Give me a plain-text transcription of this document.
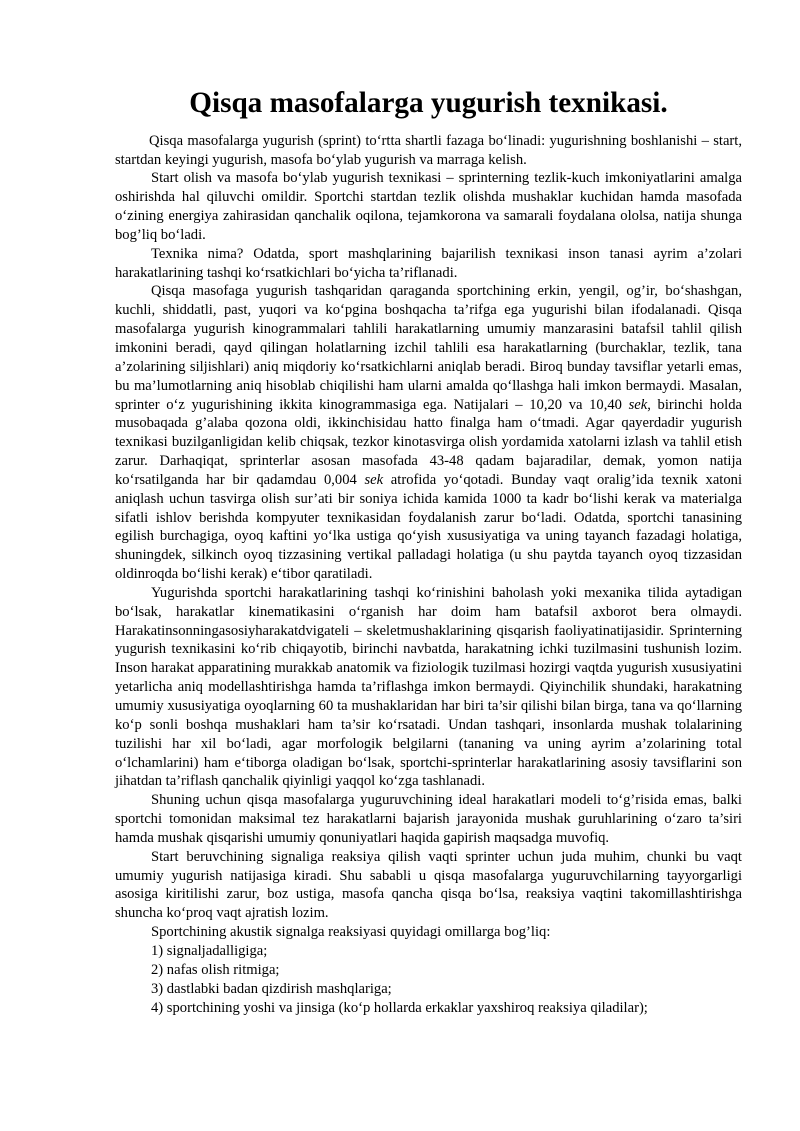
Qisqa masofalarga yugurish texnikasi.

Qisqa masofalarga yugurish (sprint) to‘rtta shartli fazaga bo‘linadi: yugurishning boshlanishi – start, startdan keyingi yugurish, masofa bo‘ylab yugurish va marraga kelish.

Start olish va masofa bo‘ylab yugurish texnikasi – sprinterning tezlik-kuch imkoniyatlarini amalga oshirishda hal qiluvchi omildir. Sportchi startdan tezlik olishda mushaklar kuchidan hamda masofada o‘zining energiya zahirasidan qanchalik oqilona, tejamkorona va samarali foydalana ololsa, natija shunga bog’liq bo‘ladi.

Texnika nima? Odatda, sport mashqlarining bajarilish texnikasi inson tanasi ayrim a’zolari harakatlarining tashqi ko‘rsatkichlari bo‘yicha ta’riflanadi.

Qisqa masofaga yugurish tashqaridan qaraganda sportchining erkin, yengil, og’ir, bo‘shashgan, kuchli, shiddatli, past, yuqori va ko‘pgina boshqacha ta’rifga ega yugurishi bilan ifodalanadi. Qisqa masofalarga yugurish kinogrammalari tahlili harakatlarning umumiy manzarasini batafsil tahlil qilish imkonini beradi, qayd qilingan holatlarning izchil tahlili esa harakatlarning (burchaklar, tezlik, tana a’zolarining siljishlari) aniq miqdoriy ko‘rsatkichlarni aniqlab beradi. Biroq bunday tavsiflar yetarli emas, bu ma’lumotlarning aniq hisoblab chiqilishi ham ularni amalda qo‘llashga hali imkon bermaydi. Masalan, sprinter o‘z yugurishining ikkita kinogrammasiga ega. Natijalari – 10,20 va 10,40 sek, birinchi holda musobaqada g’alaba qozona oldi, ikkinchisidau hatto finalga ham o‘tmadi. Agar qayerdadir yugurish texnikasi buzilganligidan kelib chiqsak, tezkor kinotasvirga olish yordamida xatolarni izlash va tahlil etish zarur. Darhaqiqat, sprinterlar asosan masofada 43-48 qadam bajaradilar, demak, yomon natija ko‘rsatilganda har bir qadamdau 0,004 sek atrofida yo‘qotadi. Bunday vaqt oralig’ida texnik xatoni aniqlash uchun tasvirga olish sur’ati bir soniya ichida kamida 1000 ta kadr bo‘lishi kerak va materialga sifatli ishlov berishda kompyuter texnikasidan foydalanish zarur bo‘ladi. Odatda, sportchi tanasining egilish burchagiga, oyoq kaftini yo‘lka ustiga qo‘yish xususiyatiga va uning tayanch fazadagi holatiga, shuningdek, silkinch oyoq tizzasining vertikal palladagi holatiga (u shu paytda tayanch oyoq tizzasidan oldinroqda bo‘lishi kerak) e‘tibor qaratiladi.

Yugurishda sportchi harakatlarining tashqi ko‘rinishini baholash yoki mexanika tilida aytadigan bo‘lsak, harakatlar kinematikasini o‘rganish har doim ham batafsil axborot bera olmaydi. Harakatinsonningasosiyharakatdvigateli – skeletmushaklarining qisqarish faoliyatinatijasidir. Sprinterning yugurish texnikasini ko‘rib chiqayotib, birinchi navbatda, harakatning ichki tuzilmasini tushunish lozim. Inson harakat apparatining murakkab anatomik va fiziologik tuzilmasi hozirgi vaqtda yugurish xususiyatini yetarlicha aniq modellashtirishga hamda ta’riflashga imkon bermaydi. Qiyinchilik shundaki, harakatning umumiy xususiyatiga oyoqlarning 60 ta mushaklaridan har biri ta’sir qilishi bilan birga, tana va qo‘llarning ko‘p sonli boshqa mushaklari ham ta’sir ko‘rsatadi. Undan tashqari, insonlarda mushak tolalarining tuzilishi har xil bo‘ladi, agar morfologik belgilarni (tananing va uning ayrim a’zolarining total o‘lchamlarini) ham e‘tiborga oladigan bo‘lsak, sportchi-sprinterlar harakatlarining asosiy tavsiflarini son jihatdan ta’riflash qanchalik qiyinligi yaqqol ko‘zga tashlanadi.

Shuning uchun qisqa masofalarga yuguruvchining ideal harakatlari modeli to‘g’risida emas, balki sportchi tomonidan maksimal tez harakatlarni bajarish jarayonida mushak guruhlarining o‘zaro ta’siri hamda mushak qisqarishi umumiy qonuniyatlari haqida gapirish maqsadga muvofiq.

Start beruvchining signaliga reaksiya qilish vaqti sprinter uchun juda muhim, chunki bu vaqt umumiy yugurish natijasiga kiradi. Shu sababli u qisqa masofalarga yuguruvchilarning tayyorgarligi asosiga kiritilishi zarur, boz ustiga, masofa qancha qisqa bo‘lsa, reaksiya vaqtini takomillashtirishga shuncha ko‘proq vaqt ajratish lozim.

Sportchining akustik signalga reaksiyasi quyidagi omillarga bog’liq:

1) signaljadalligiga;

2) nafas olish ritmiga;

3) dastlabki badan qizdirish mashqlariga;

4) sportchining yoshi va jinsiga (ko‘p hollarda erkaklar yaxshiroq reaksiya qiladilar);
